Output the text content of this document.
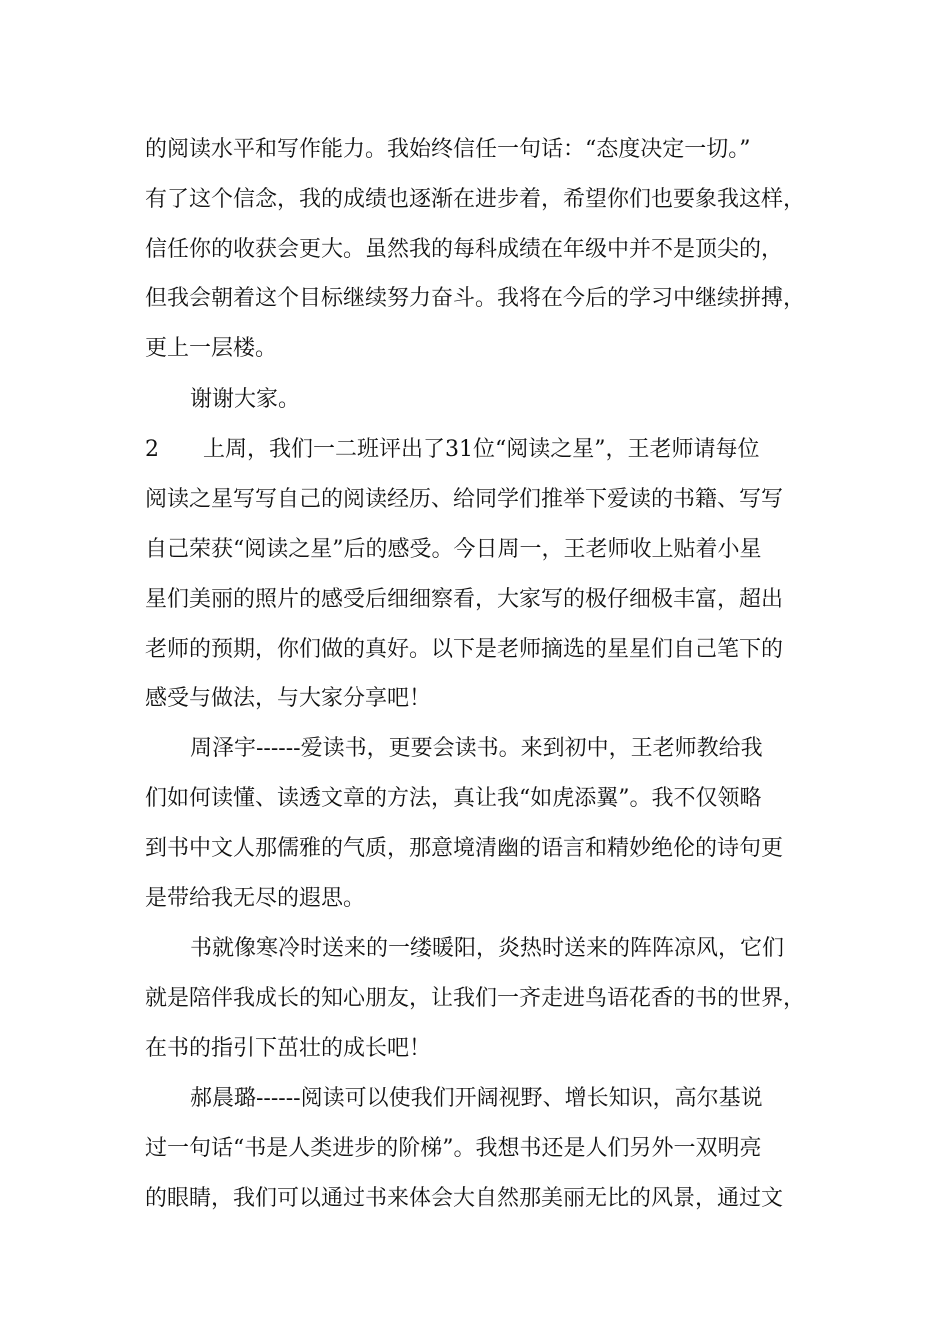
的阅读水平和写作能力。我始终信任一句话：“态度决定一切。”
有了这个信念，我的成绩也逐渐在进步着，希望你们也要象我这样，
信任你的收获会更大。虽然我的每科成绩在年级中并不是顶尖的，
但我会朝着这个目标继续努力奋斗。我将在今后的学习中继续拼搏，
更上一层楼。
谢谢大家。
2	上周，我们一二班评出了31位“阅读之星”，王老师请每位
阅读之星写写自己的阅读经历、给同学们推举下爱读的书籍、写写
自己荣获“阅读之星”后的感受。今日周一，王老师收上贴着小星
星们美丽的照片的感受后细细察看，大家写的极仔细极丰富，超出
老师的预期，你们做的真好。以下是老师摘选的星星们自己笔下的
感受与做法，与大家分享吧！
周泽宇------爱读书，更要会读书。来到初中，王老师教给我
们如何读懂、读透文章的方法，真让我“如虎添翼”。我不仅领略
到书中文人那儒雅的气质，那意境清幽的语言和精妙绝伦的诗句更
是带给我无尽的遐思。
书就像寒冷时送来的一缕暖阳，炎热时送来的阵阵凉风，它们
就是陪伴我成长的知心朋友，让我们一齐走进鸟语花香的书的世界，
在书的指引下茁壮的成长吧！
郝晨璐------阅读可以使我们开阔视野、增长知识，高尔基说
过一句话“书是人类进步的阶梯”。我想书还是人们另外一双明亮
的眼睛，我们可以通过书来体会大自然那美丽无比的风景，通过文
